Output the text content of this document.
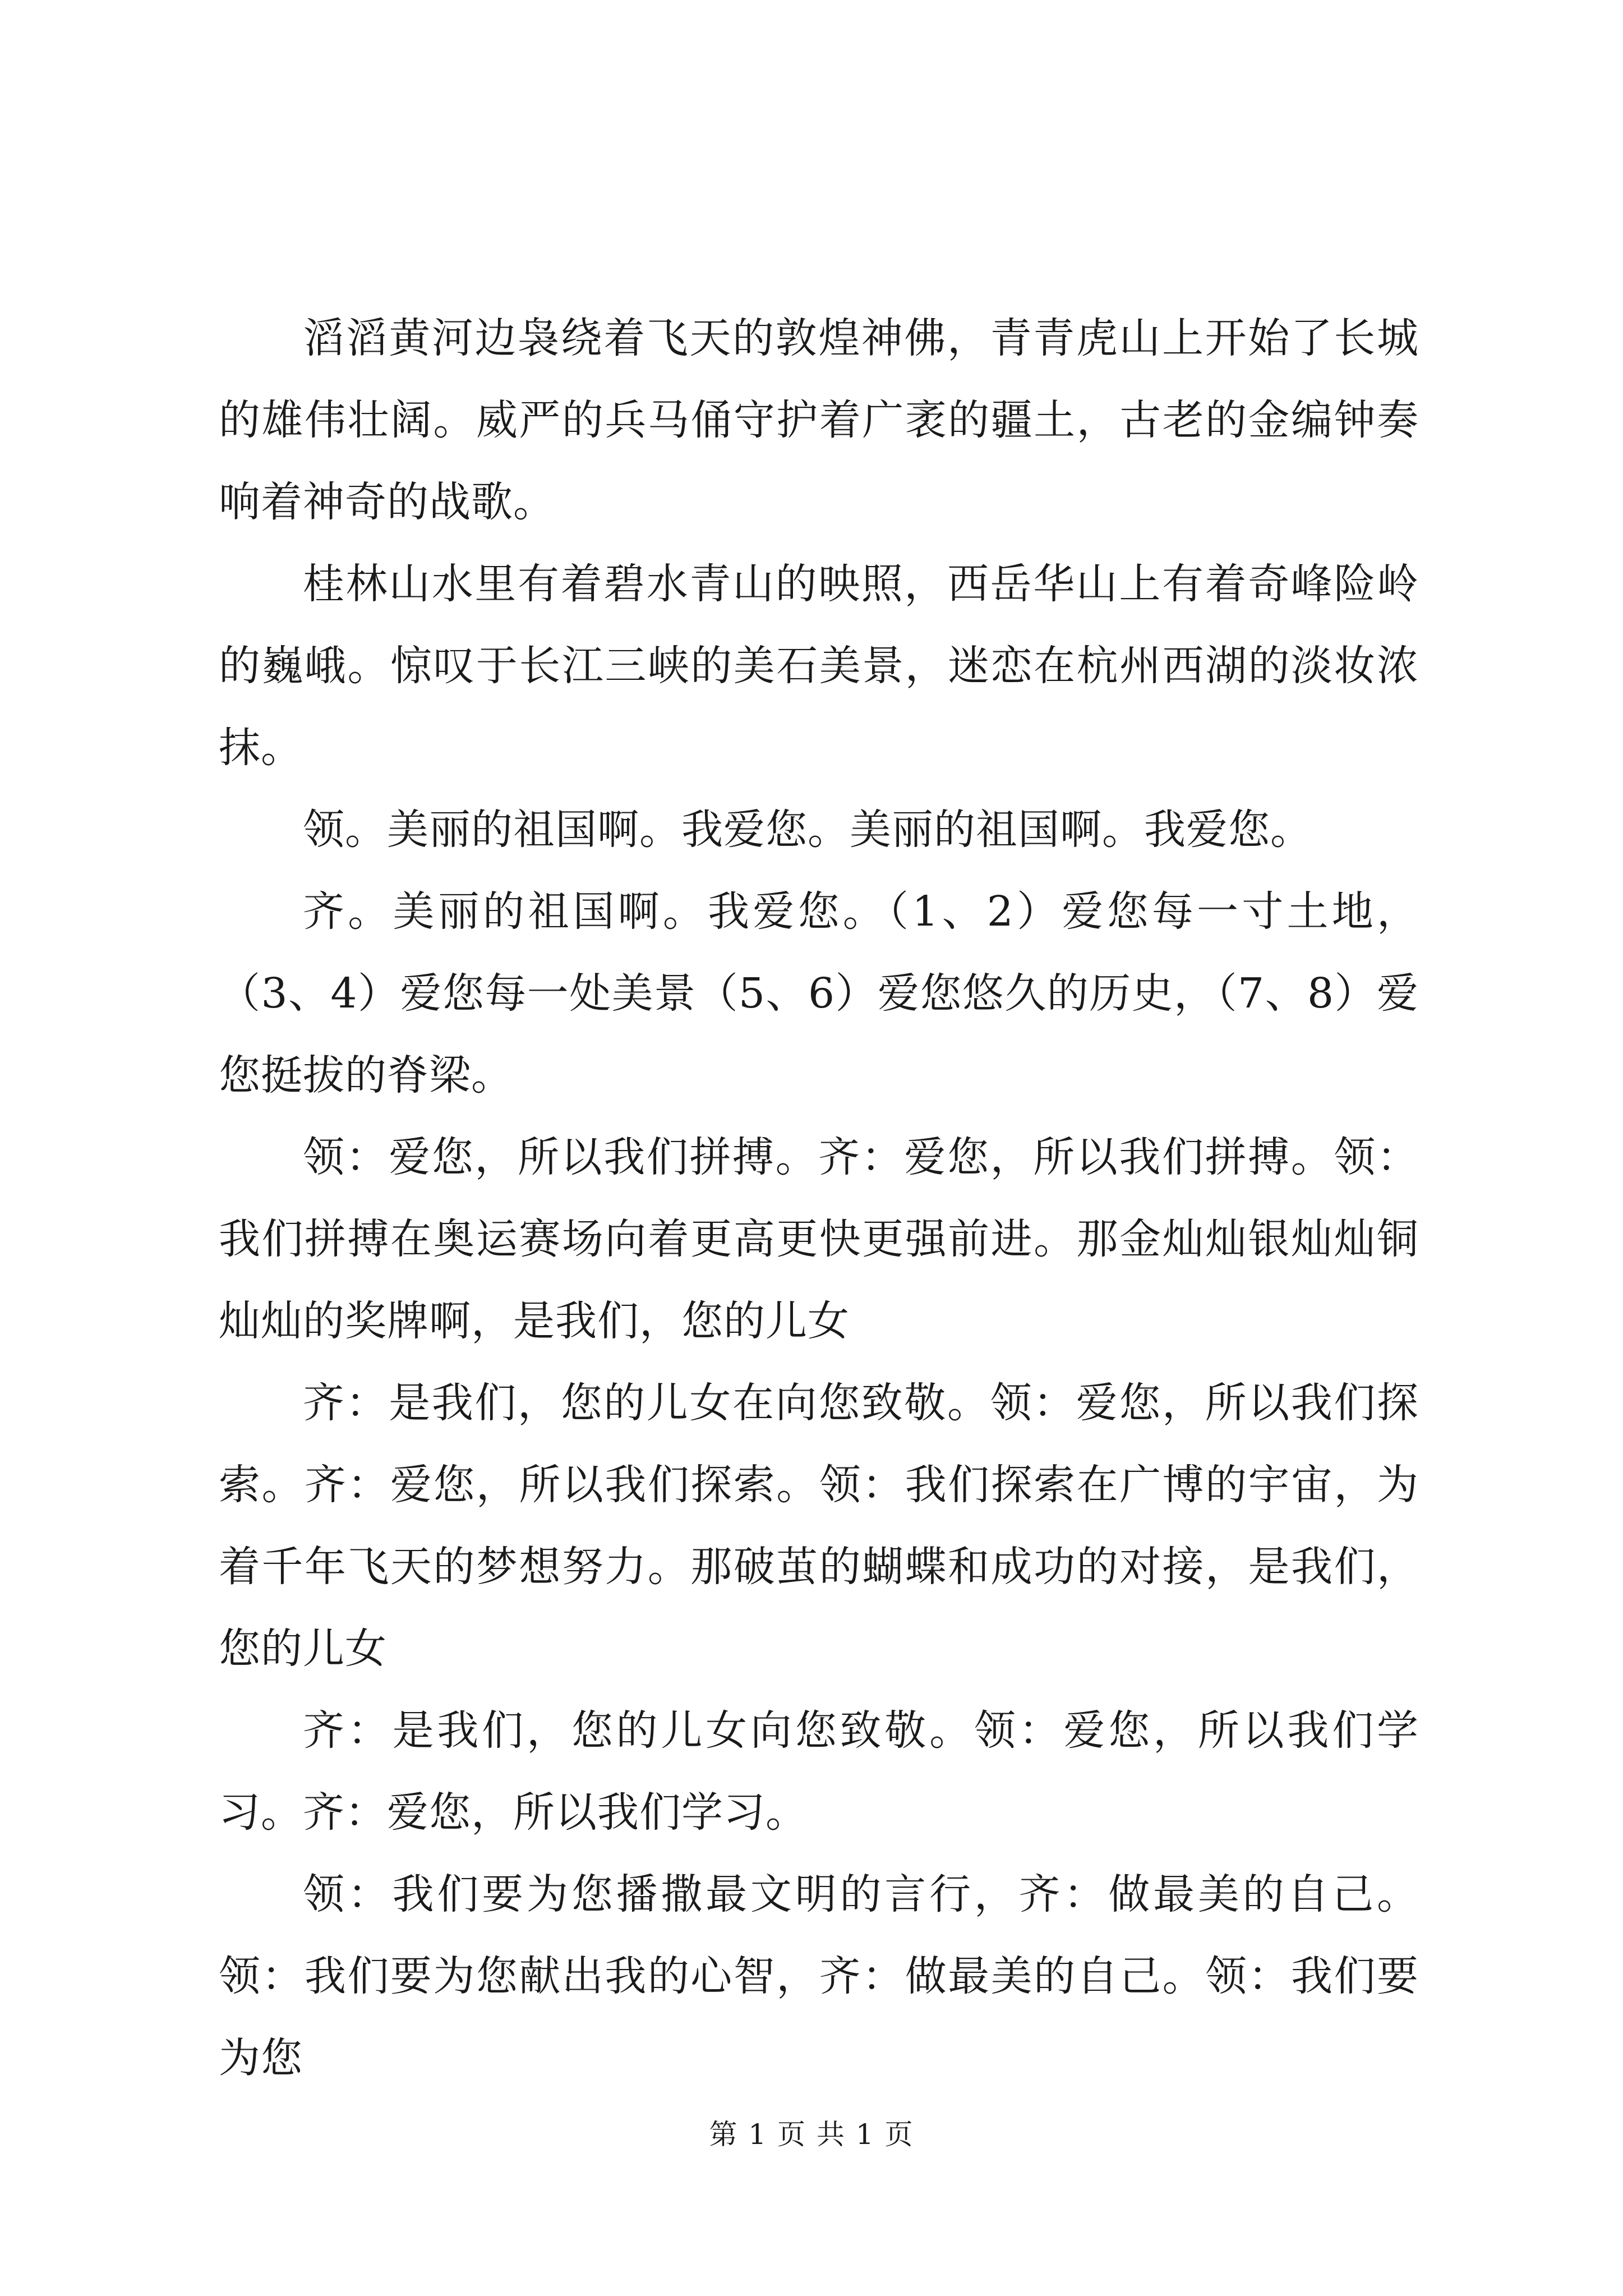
滔滔黄河边袅绕着飞天的敦煌神佛，青青虎山上开始了长城的雄伟壮阔。威严的兵马俑守护着广袤的疆土，古老的金编钟奏响着神奇的战歌。

桂林山水里有着碧水青山的映照，西岳华山上有着奇峰险岭的巍峨。惊叹于长江三峡的美石美景，迷恋在杭州西湖的淡妆浓抹。

领。美丽的祖国啊。我爱您。美丽的祖国啊。我爱您。

齐。美丽的祖国啊。我爱您。（1、2）爱您每一寸土地，（3、4）爱您每一处美景（5、6）爱您悠久的历史，（7、8）爱您挺拔的脊梁。

领：爱您，所以我们拼搏。齐：爱您，所以我们拼搏。领：我们拼搏在奥运赛场向着更高更快更强前进。那金灿灿银灿灿铜灿灿的奖牌啊，是我们，您的儿女

齐：是我们，您的儿女在向您致敬。领：爱您，所以我们探索。齐：爱您，所以我们探索。领：我们探索在广博的宇宙，为着千年飞天的梦想努力。那破茧的蝴蝶和成功的对接，是我们，您的儿女

齐：是我们，您的儿女向您致敬。领：爱您，所以我们学习。齐：爱您，所以我们学习。

领：我们要为您播撒最文明的言行，齐：做最美的自己。领：我们要为您献出我的心智，齐：做最美的自己。领：我们要为您

第 1 页 共 1 页
